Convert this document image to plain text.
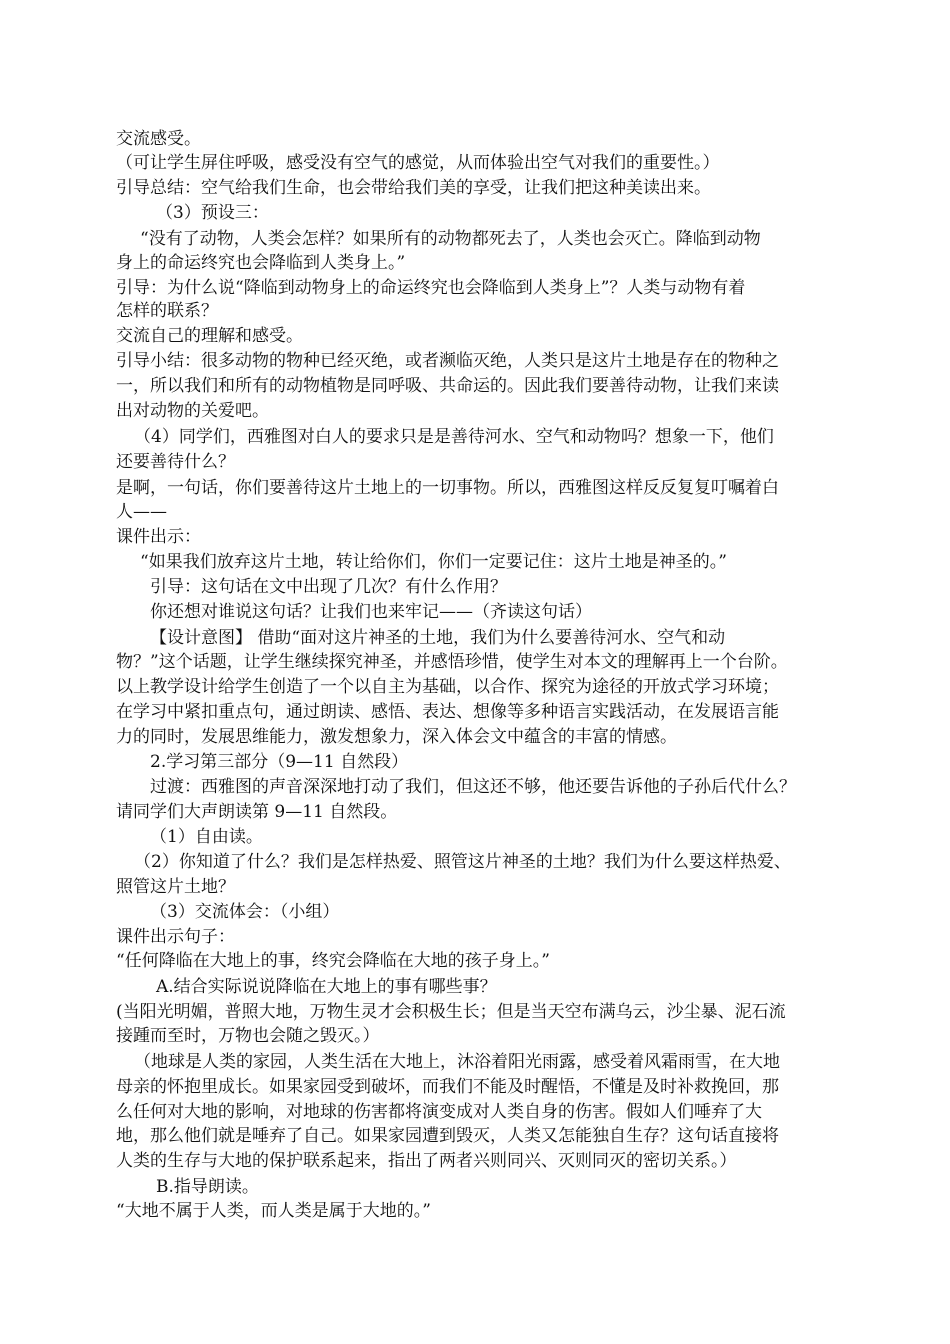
交流感受。
（可让学生屏住呼吸，感受没有空气的感觉，从而体验出空气对我们的重要性。）
引导总结：空气给我们生命，也会带给我们美的享受，让我们把这种美读出来。
（3）预设三：
“没有了动物，人类会怎样？如果所有的动物都死去了，人类也会灭亡。降临到动物
身上的命运终究也会降临到人类身上。”
引导：为什么说“降临到动物身上的命运终究也会降临到人类身上”？人类与动物有着
怎样的联系？
交流自己的理解和感受。
引导小结：很多动物的物种已经灭绝，或者濒临灭绝，人类只是这片土地是存在的物种之
一，所以我们和所有的动物植物是同呼吸、共命运的。因此我们要善待动物，让我们来读
出对动物的关爱吧。
（4）同学们，西雅图对白人的要求只是是善待河水、空气和动物吗？想象一下，他们
还要善待什么？
是啊，一句话，你们要善待这片土地上的一切事物。所以，西雅图这样反反复复叮嘱着白
人——
课件出示：
“如果我们放弃这片土地，转让给你们，你们一定要记住：这片土地是神圣的。”
引导：这句话在文中出现了几次？有什么作用？
你还想对谁说这句话？让我们也来牢记——（齐读这句话）
【设计意图】 借助“面对这片神圣的土地，我们为什么要善待河水、空气和动
物？”这个话题，让学生继续探究神圣，并感悟珍惜，使学生对本文的理解再上一个台阶。
以上教学设计给学生创造了一个以自主为基础，以合作、探究为途径的开放式学习环境；
在学习中紧扣重点句，通过朗读、感悟、表达、想像等多种语言实践活动，在发展语言能
力的同时，发展思维能力，激发想象力，深入体会文中蕴含的丰富的情感。
2.学习第三部分（9—11 自然段）
过渡：西雅图的声音深深地打动了我们，但这还不够，他还要告诉他的子孙后代什么？
请同学们大声朗读第 9—11 自然段。
（1）自由读。
（2）你知道了什么？我们是怎样热爱、照管这片神圣的土地？我们为什么要这样热爱、
照管这片土地？
（3）交流体会：（小组）
课件出示句子：
“任何降临在大地上的事，终究会降临在大地的孩子身上。”
A.结合实际说说降临在大地上的事有哪些事？
(当阳光明媚，普照大地，万物生灵才会积极生长；但是当天空布满乌云，沙尘暴、泥石流
接踵而至时，万物也会随之毁灭。）
（地球是人类的家园，人类生活在大地上，沐浴着阳光雨露，感受着风霜雨雪，在大地
母亲的怀抱里成长。如果家园受到破坏，而我们不能及时醒悟，不懂是及时补救挽回，那
么任何对大地的影响，对地球的伤害都将演变成对人类自身的伤害。假如人们唾弃了大
地，那么他们就是唾弃了自己。如果家园遭到毁灭，人类又怎能独自生存？这句话直接将
人类的生存与大地的保护联系起来，指出了两者兴则同兴、灭则同灭的密切关系。）
B.指导朗读。
“大地不属于人类，而人类是属于大地的。”
